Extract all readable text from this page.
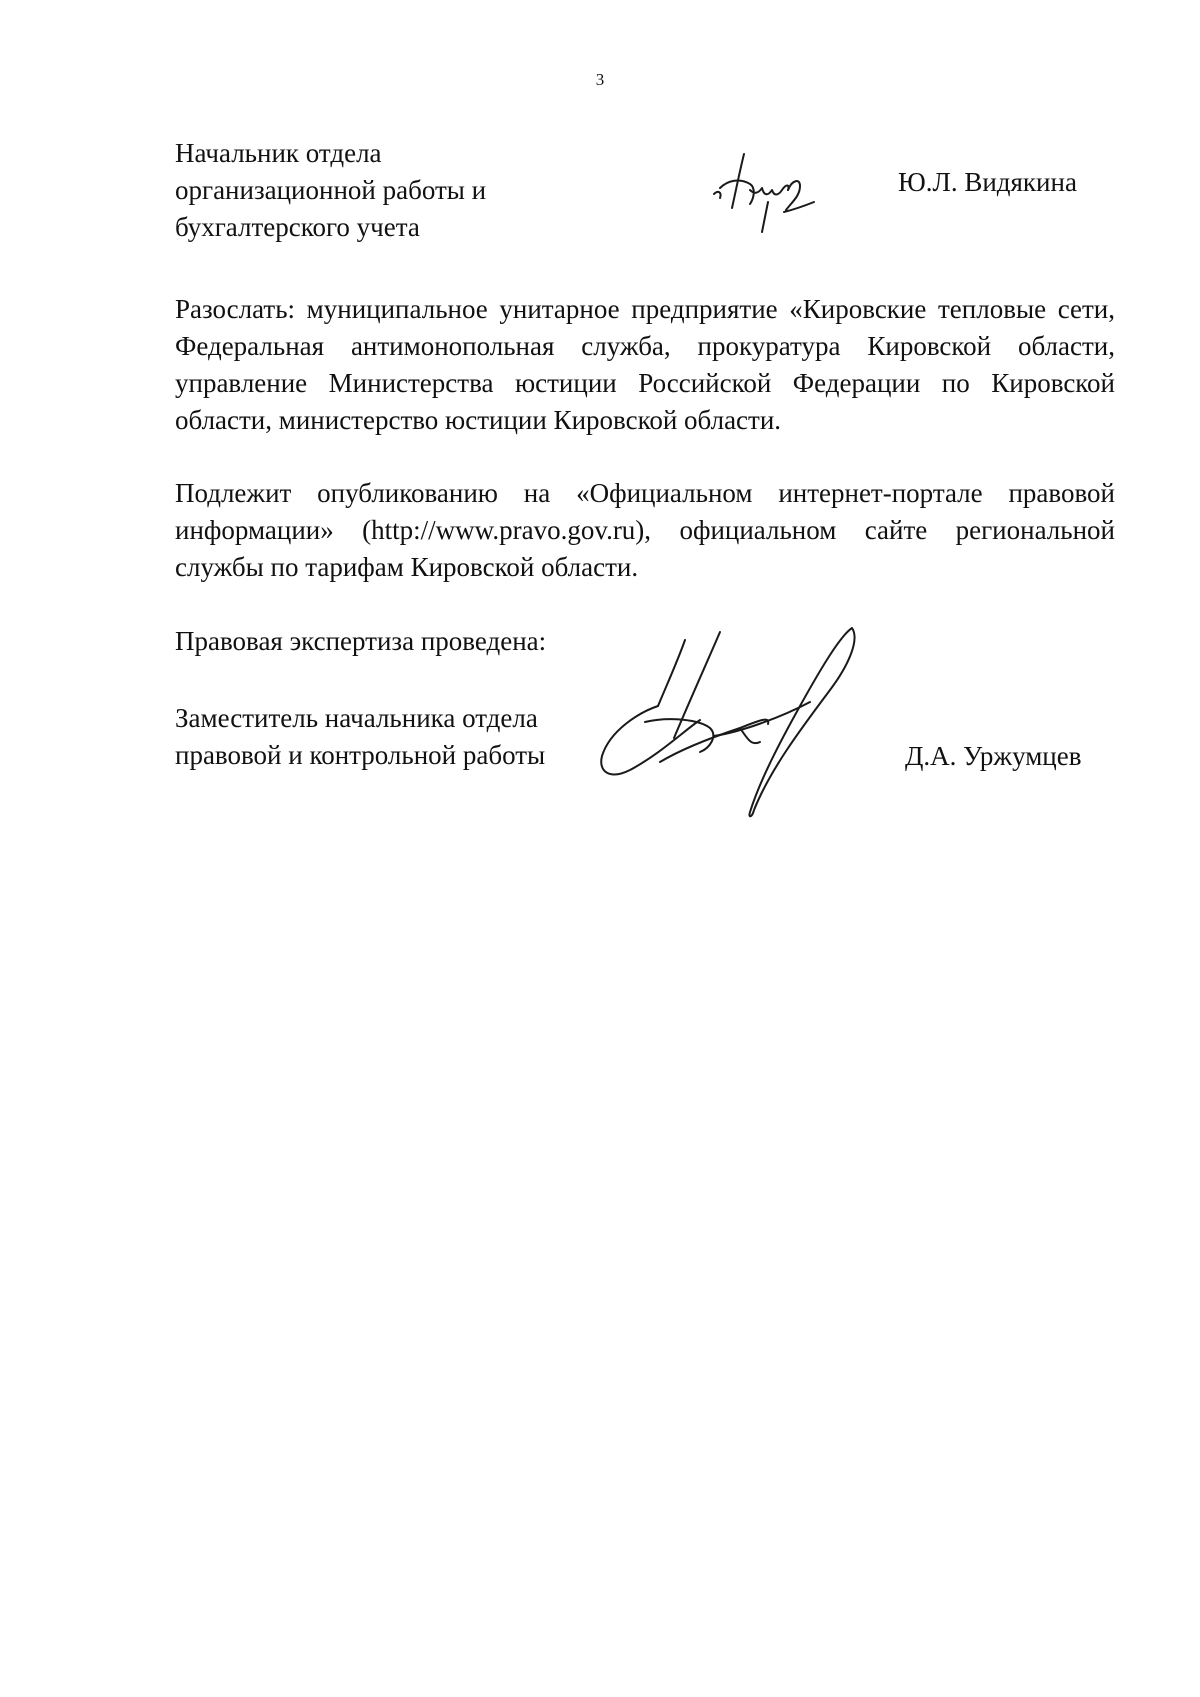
3
Начальник отдела
организационной работы и
бухгалтерского учета
Ю.Л. Видякина

Разослать: муниципальное унитарное предприятие «Кировские тепловые сети, Федеральная антимонопольная служба, прокуратура Кировской области, управление Министерства юстиции Российской Федерации по Кировской области, министерство юстиции Кировской области.

Подлежит опубликованию на «Официальном интернет-портале правовой информации» (http://www.pravo.gov.ru), официальном сайте региональной службы по тарифам Кировской области.

Правовая экспертиза проведена:
Заместитель начальника отдела
правовой и контрольной работы	Д.А. Уржумцев
